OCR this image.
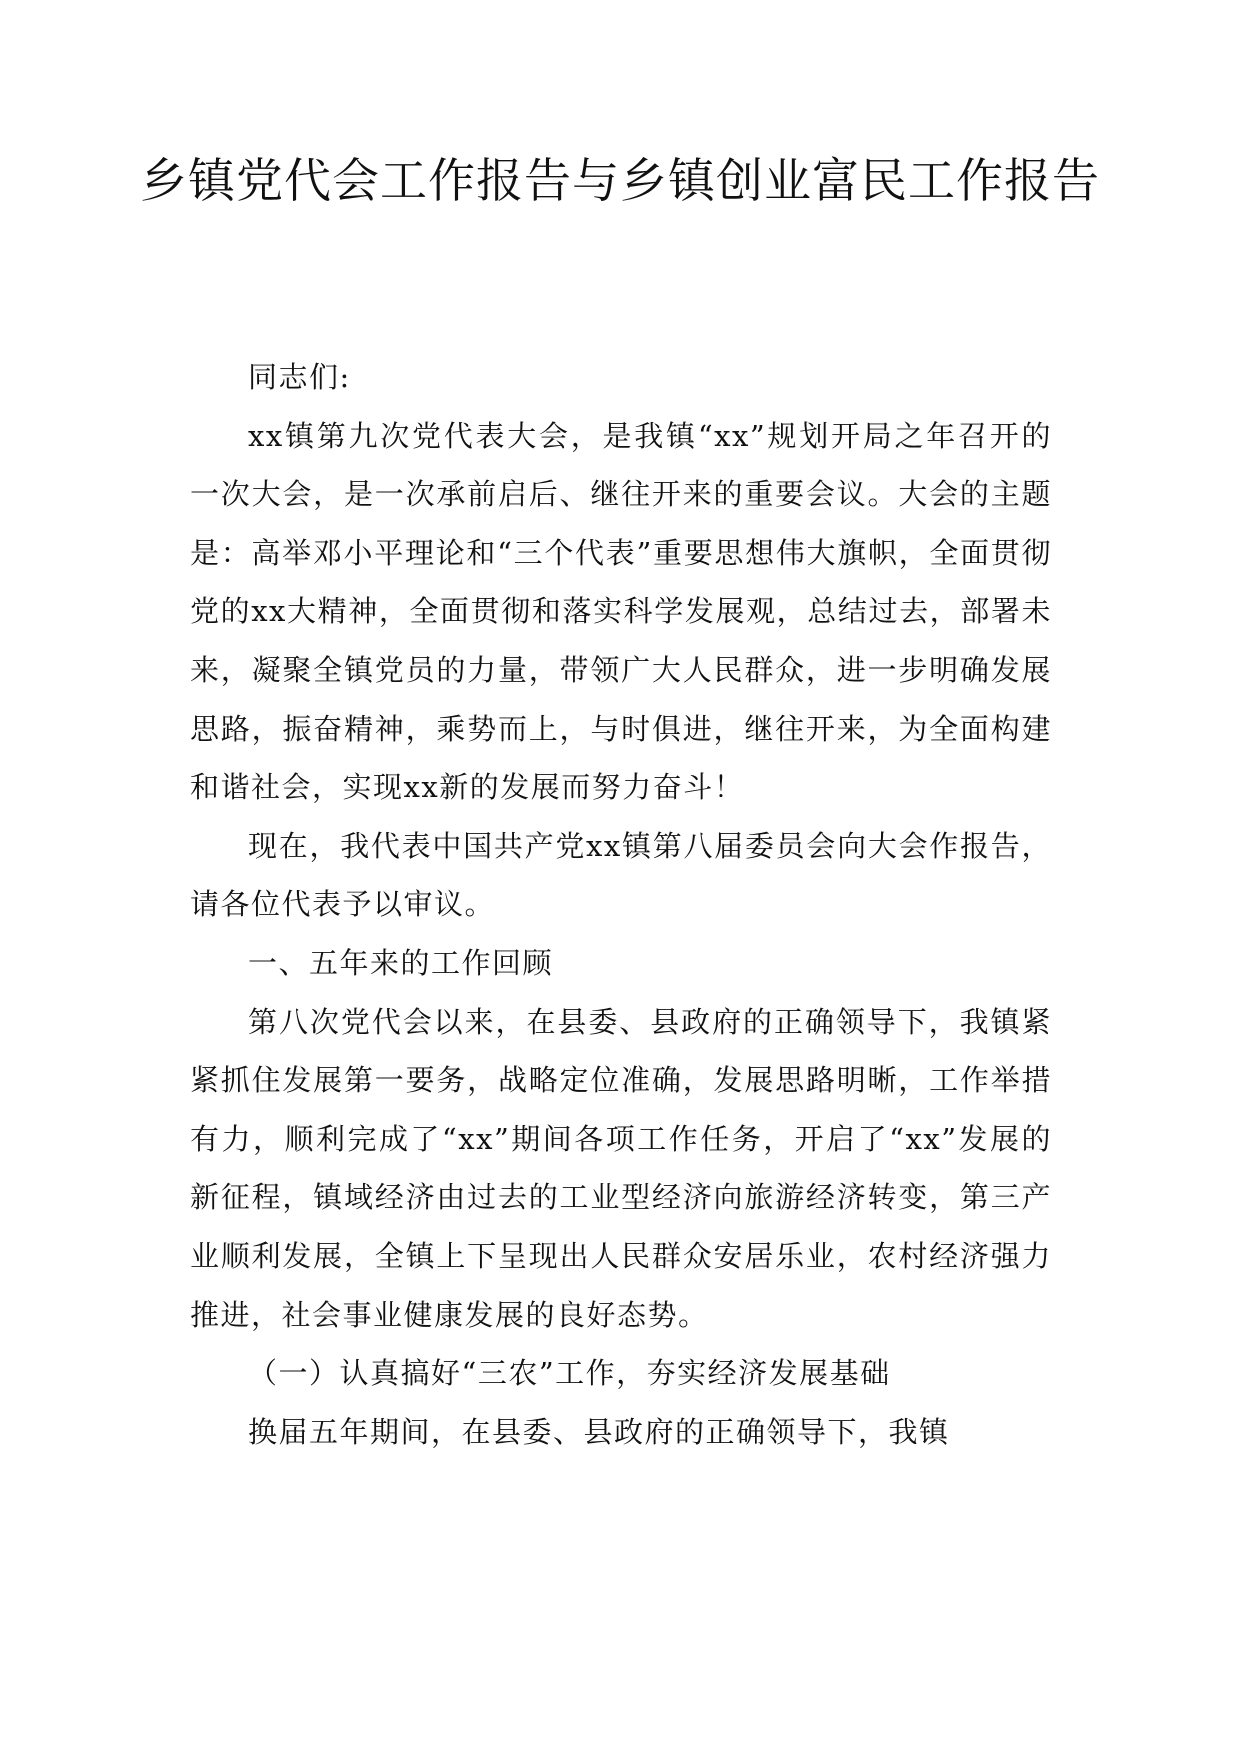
乡镇党代会工作报告与乡镇创业富民工作报告

同志们:

xx镇第九次党代表大会，是我镇“xx”规划开局之年召开的一次大会，是一次承前启后、继往开来的重要会议。大会的主题是：高举邓小平理论和“三个代表”重要思想伟大旗帜，全面贯彻党的xx大精神，全面贯彻和落实科学发展观，总结过去，部署未来，凝聚全镇党员的力量，带领广大人民群众，进一步明确发展思路，振奋精神，乘势而上，与时俱进，继往开来，为全面构建和谐社会，实现xx新的发展而努力奋斗！

现在，我代表中国共产党xx镇第八届委员会向大会作报告，请各位代表予以审议。

一、五年来的工作回顾

第八次党代会以来，在县委、县政府的正确领导下，我镇紧紧抓住发展第一要务，战略定位准确，发展思路明晰，工作举措有力，顺利完成了“xx”期间各项工作任务，开启了“xx”发展的新征程，镇域经济由过去的工业型经济向旅游经济转变，第三产业顺利发展，全镇上下呈现出人民群众安居乐业，农村经济强力推进，社会事业健康发展的良好态势。

（一）认真搞好“三农”工作，夯实经济发展基础

换届五年期间，在县委、县政府的正确领导下，我镇
